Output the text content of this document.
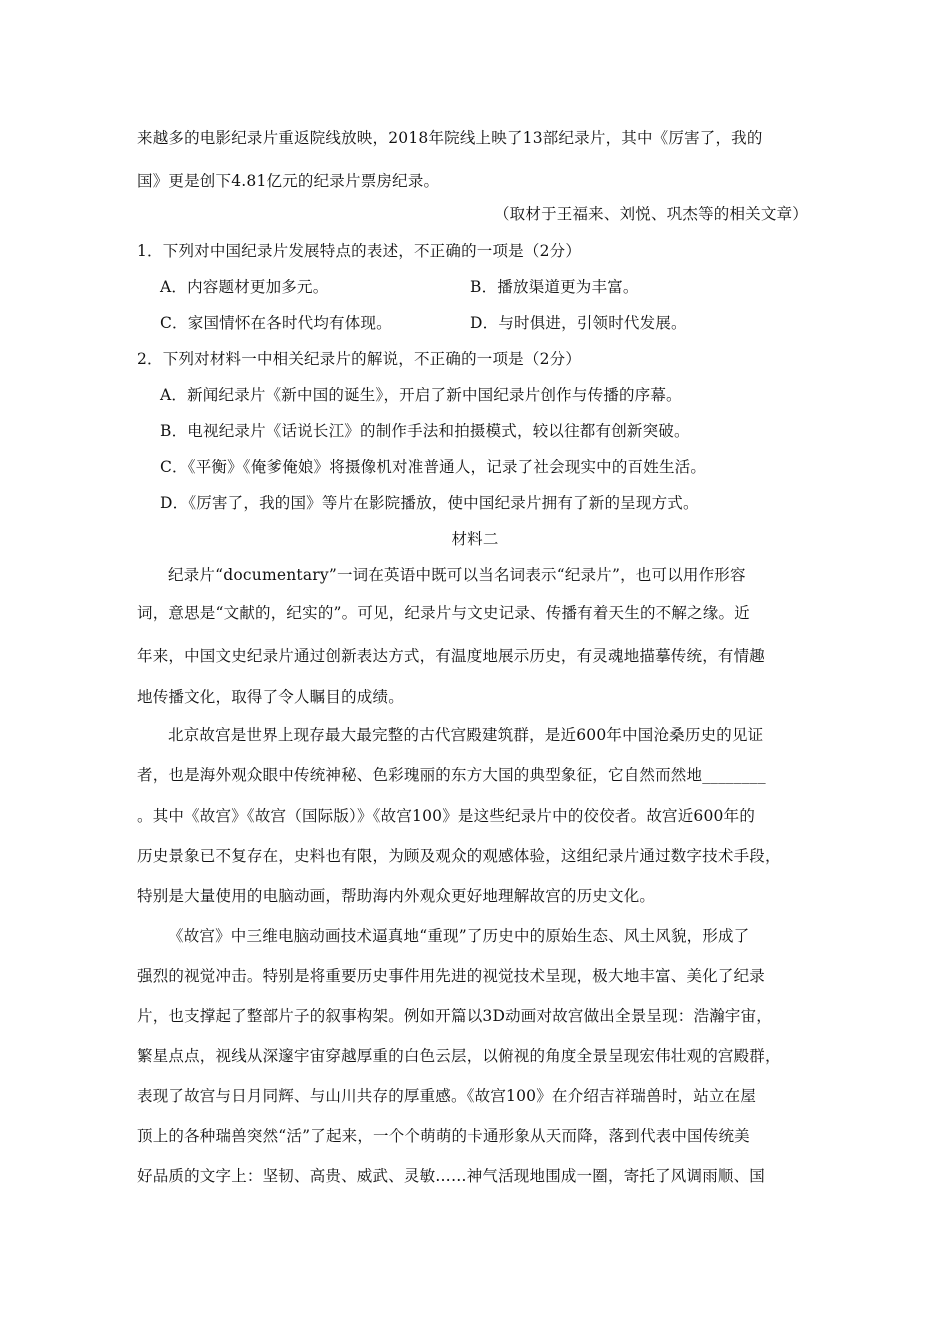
来越多的电影纪录片重返院线放映，2018年院线上映了13部纪录片，其中《厉害了，我的
国》更是创下4.81亿元的纪录片票房纪录。
（取材于王福来、刘悦、巩杰等的相关文章）
1．下列对中国纪录片发展特点的表述，不正确的一项是（2分）
A．内容题材更加多元。	B．播放渠道更为丰富。
C．家国情怀在各时代均有体现。	D．与时俱进，引领时代发展。
2．下列对材料一中相关纪录片的解说，不正确的一项是（2分）
A．新闻纪录片《新中国的诞生》，开启了新中国纪录片创作与传播的序幕。
B．电视纪录片《话说长江》的制作手法和拍摄模式，较以往都有创新突破。
C．《平衡》《俺爹俺娘》将摄像机对准普通人，记录了社会现实中的百姓生活。
D．《厉害了，我的国》等片在影院播放，使中国纪录片拥有了新的呈现方式。
材料二
纪录片“documentary”一词在英语中既可以当名词表示“纪录片”，也可以用作形容
词，意思是“文献的，纪实的”。可见，纪录片与文史记录、传播有着天生的不解之缘。近
年来，中国文史纪录片通过创新表达方式，有温度地展示历史，有灵魂地描摹传统，有情趣
地传播文化，取得了令人瞩目的成绩。
北京故宫是世界上现存最大最完整的古代宫殿建筑群，是近600年中国沧桑历史的见证
者，也是海外观众眼中传统神秘、色彩瑰丽的东方大国的典型象征，它自然而然地________
。其中《故宫》《故宫（国际版）》《故宫100》是这些纪录片中的佼佼者。故宫近600年的
历史景象已不复存在，史料也有限，为顾及观众的观感体验，这组纪录片通过数字技术手段，
特别是大量使用的电脑动画，帮助海内外观众更好地理解故宫的历史文化。
《故宫》中三维电脑动画技术逼真地“重现”了历史中的原始生态、风土风貌，形成了
强烈的视觉冲击。特别是将重要历史事件用先进的视觉技术呈现，极大地丰富、美化了纪录
片，也支撑起了整部片子的叙事构架。例如开篇以3D动画对故宫做出全景呈现：浩瀚宇宙，
繁星点点，视线从深邃宇宙穿越厚重的白色云层，以俯视的角度全景呈现宏伟壮观的宫殿群，
表现了故宫与日月同辉、与山川共存的厚重感。《故宫100》在介绍吉祥瑞兽时，站立在屋
顶上的各种瑞兽突然“活”了起来，一个个萌萌的卡通形象从天而降，落到代表中国传统美
好品质的文字上：坚韧、高贵、威武、灵敏……神气活现地围成一圈，寄托了风调雨顺、国
